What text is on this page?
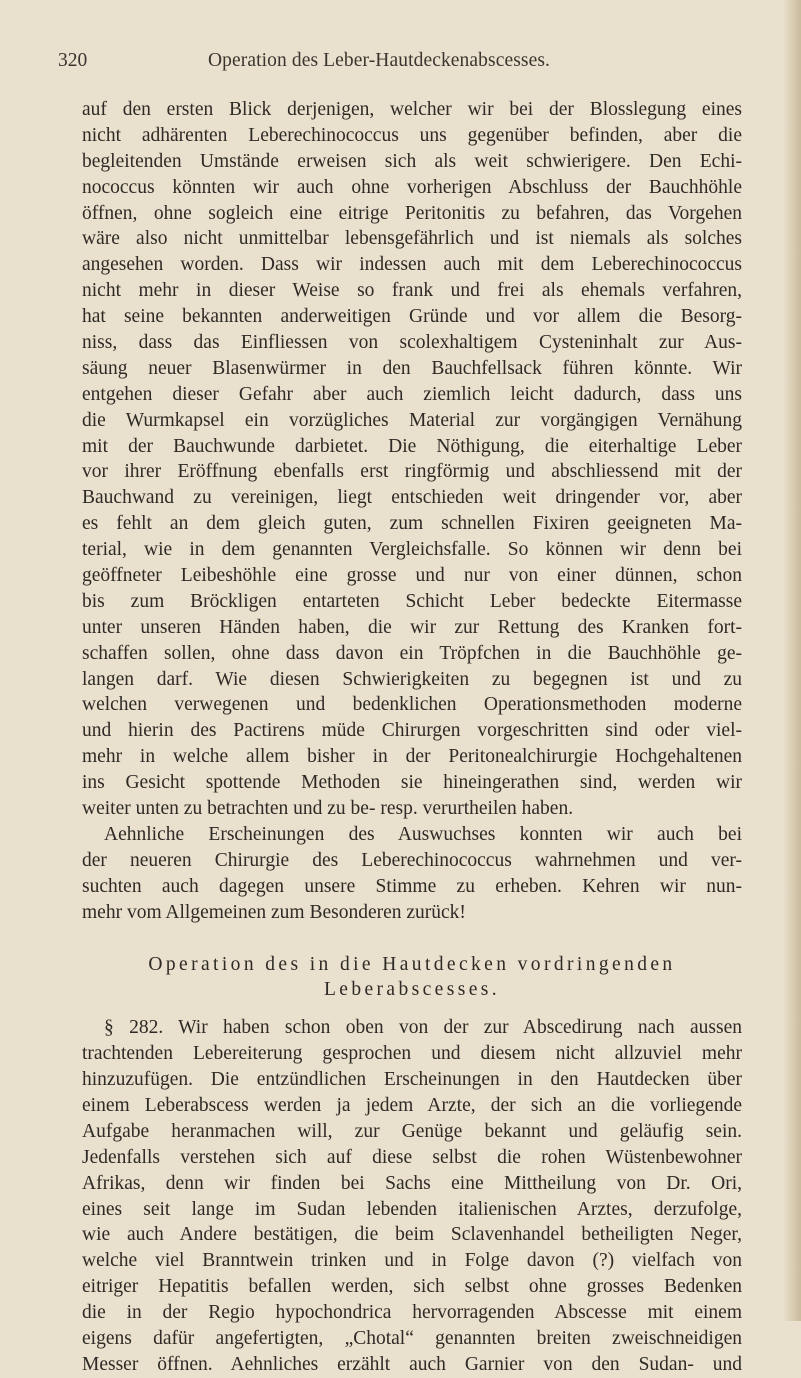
320	Operation des Leber-Hautdeckenabscesses.
auf den ersten Blick derjenigen, welcher wir bei der Blosslegung eines
nicht adhärenten Leberechinococcus uns gegenüber befinden, aber die
begleitenden Umstände erweisen sich als weit schwierigere. Den Echi-
nococcus könnten wir auch ohne vorherigen Abschluss der Bauchhöhle
öffnen, ohne sogleich eine eitrige Peritonitis zu befahren, das Vorgehen
wäre also nicht unmittelbar lebensgefährlich und ist niemals als solches
angesehen worden. Dass wir indessen auch mit dem Leberechinococcus
nicht mehr in dieser Weise so frank und frei als ehemals verfahren,
hat seine bekannten anderweitigen Gründe und vor allem die Besorg-
niss, dass das Einfliessen von scolexhaltigem Cysteninhalt zur Aus-
säung neuer Blasenwürmer in den Bauchfellsack führen könnte. Wir
entgehen dieser Gefahr aber auch ziemlich leicht dadurch, dass uns
die Wurmkapsel ein vorzügliches Material zur vorgängigen Vernähung
mit der Bauchwunde darbietet. Die Nöthigung, die eiterhaltige Leber
vor ihrer Eröffnung ebenfalls erst ringförmig und abschliessend mit der
Bauchwand zu vereinigen, liegt entschieden weit dringender vor, aber
es fehlt an dem gleich guten, zum schnellen Fixiren geeigneten Ma-
terial, wie in dem genannten Vergleichsfalle. So können wir denn bei
geöffneter Leibeshöhle eine grosse und nur von einer dünnen, schon
bis zum Bröckligen entarteten Schicht Leber bedeckte Eitermasse
unter unseren Händen haben, die wir zur Rettung des Kranken fort-
schaffen sollen, ohne dass davon ein Tröpfchen in die Bauchhöhle ge-
langen darf. Wie diesen Schwierigkeiten zu begegnen ist und zu
welchen verwegenen und bedenklichen Operationsmethoden moderne
und hierin des Pactirens müde Chirurgen vorgeschritten sind oder viel-
mehr in welche allem bisher in der Peritonealchirurgie Hochgehaltenen
ins Gesicht spottende Methoden sie hineingerathen sind, werden wir
weiter unten zu betrachten und zu be- resp. verurtheilen haben.
Aehnliche Erscheinungen des Auswuchses konnten wir auch bei
der neueren Chirurgie des Leberechinococcus wahrnehmen und ver-
suchten auch dagegen unsere Stimme zu erheben. Kehren wir nun-
mehr vom Allgemeinen zum Besonderen zurück!
Operation des in die Hautdecken vordringenden
Leberabscesses.
§ 282. Wir haben schon oben von der zur Abscedirung nach aussen
trachtenden Lebereiterung gesprochen und diesem nicht allzuviel mehr
hinzuzufügen. Die entzündlichen Erscheinungen in den Hautdecken über
einem Leberabscess werden ja jedem Arzte, der sich an die vorliegende
Aufgabe heranmachen will, zur Genüge bekannt und geläufig sein.
Jedenfalls verstehen sich auf diese selbst die rohen Wüstenbewohner
Afrikas, denn wir finden bei Sachs eine Mittheilung von Dr. Ori,
eines seit lange im Sudan lebenden italienischen Arztes, derzufolge,
wie auch Andere bestätigen, die beim Sclavenhandel betheiligten Neger,
welche viel Branntwein trinken und in Folge davon (?) vielfach von
eitriger Hepatitis befallen werden, sich selbst ohne grosses Bedenken
die in der Regio hypochondrica hervorragenden Abscesse mit einem
eigens dafür angefertigten, „Chotal“ genannten breiten zweischneidigen
Messer öffnen. Aehnliches erzählt auch Garnier von den Sudan- und
